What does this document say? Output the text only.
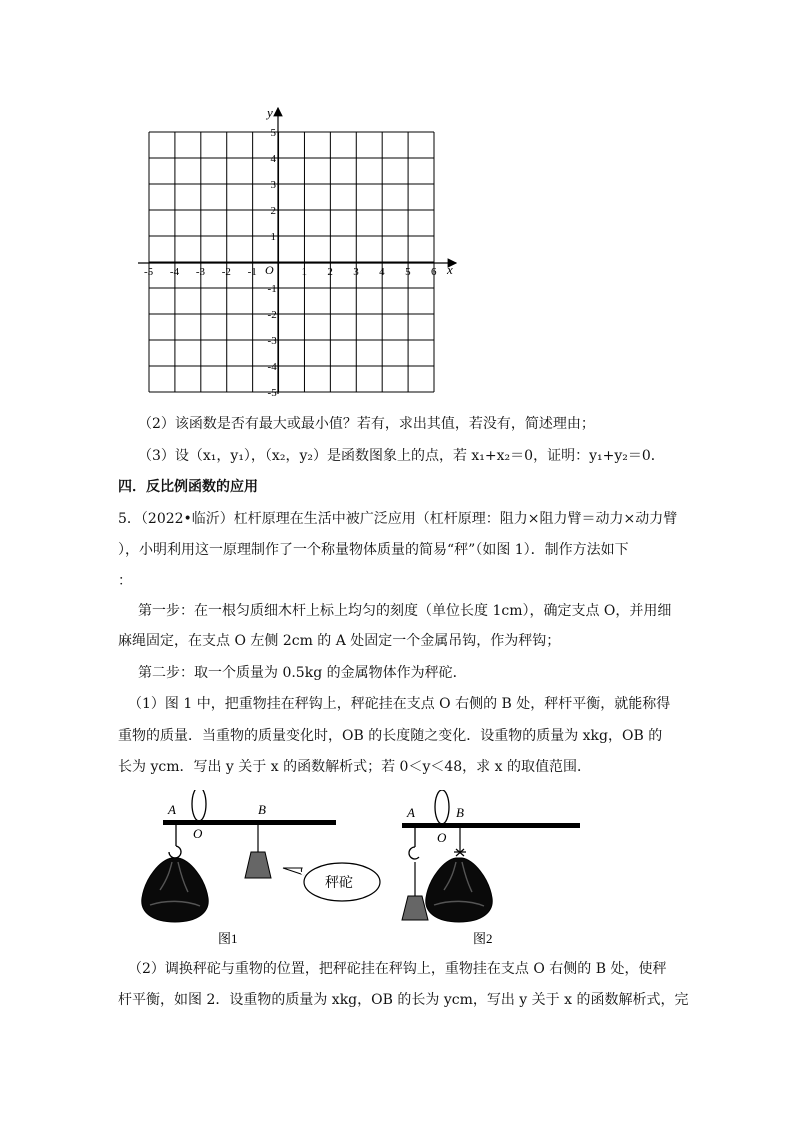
y
x
O
-5 -4 -3 -2 -1	1 2 3 4 5 6
5
4
3
2
1
-1
-2
-3
-4
-5
（2）该函数是否有最大或最小值？若有，求出其值，若没有，简述理由；
（3）设（x₁，y₁），（x₂，y₂）是函数图象上的点，若 x₁+x₂＝0，证明：y₁+y₂＝0．
四．反比例函数的应用
5．（2022•临沂）杠杆原理在生活中被广泛应用（杠杆原理：阻力×阻力臂＝动力×动力臂
），小明利用这一原理制作了一个称量物体质量的简易“秤”（如图 1）．制作方法如下
：
第一步：在一根匀质细木杆上标上均匀的刻度（单位长度 1cm），确定支点 O，并用细
麻绳固定，在支点 O 左侧 2cm 的 A 处固定一个金属吊钩，作为秤钩；
第二步：取一个质量为 0.5kg 的金属物体作为秤砣．
（1）图 1 中，把重物挂在秤钩上，秤砣挂在支点 O 右侧的 B 处，秤杆平衡，就能称得
重物的质量．当重物的质量变化时，OB 的长度随之变化．设重物的质量为 xkg，OB 的
长为 ycm．写出 y 关于 x 的函数解析式；若 0＜y＜48，求 x 的取值范围．
A
O
B
秤砣
图1
A
O
B
图2
（2）调换秤砣与重物的位置，把秤砣挂在秤钩上，重物挂在支点 O 右侧的 B 处，使秤
杆平衡，如图 2．设重物的质量为 xkg，OB 的长为 ycm，写出 y 关于 x 的函数解析式，完
